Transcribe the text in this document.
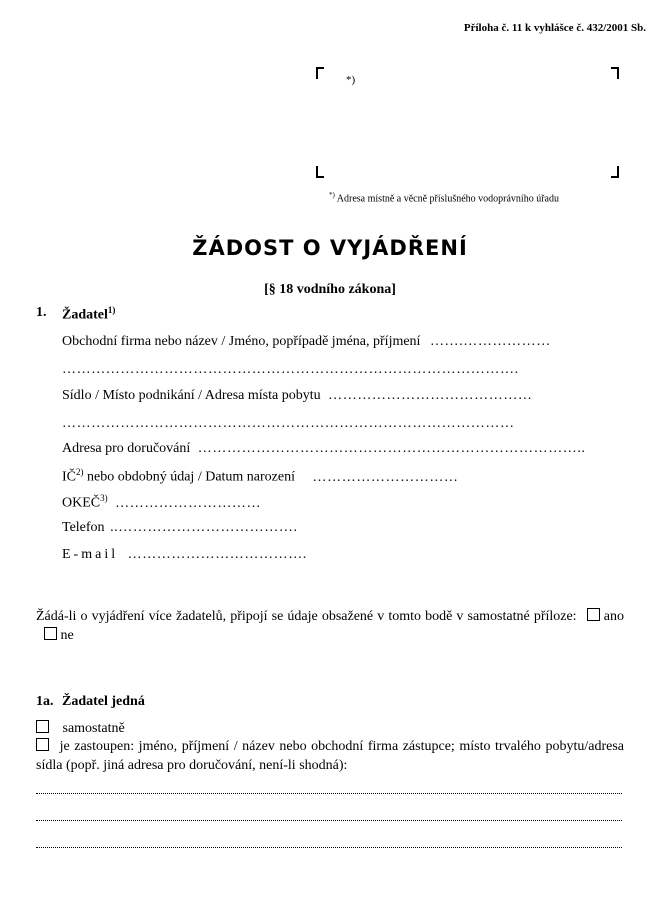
Příloha č. 11 k vyhlášce č. 432/2001 Sb.
*)
*) Adresa místně a věcně příslušného vodoprávního úřadu
ŽÁDOST O VYJÁDŘENÍ
[§ 18 vodního zákona]
1. Žadatel$^{1)}$
Obchodní firma nebo název / Jméno, popřípadě jména, příjmení …….………………
………………………………………………………………………………….
Sídlo / Místo podnikání / Adresa místa pobytu ……………………………………
…………………………………………………………………………………
Adresa pro doručování ……………………………………………………………………..
IČ$^{2)}$ nebo obdobný údaj / Datum narození …………………………
OKEČ$^{3)}$ …………………………
Telefon ..……………………………….
E-mail ……………………………….
Žádá-li o vyjádření více žadatelů, připojí se údaje obsažené v tomto bodě v samostatné příloze: ano  ne
1a. Žadatel jedná
samostatně
je zastoupen: jméno, příjmení / název nebo obchodní firma zástupce; místo trvalého pobytu/adresa sídla (popř. jiná adresa pro doručování, není-li shodná):
